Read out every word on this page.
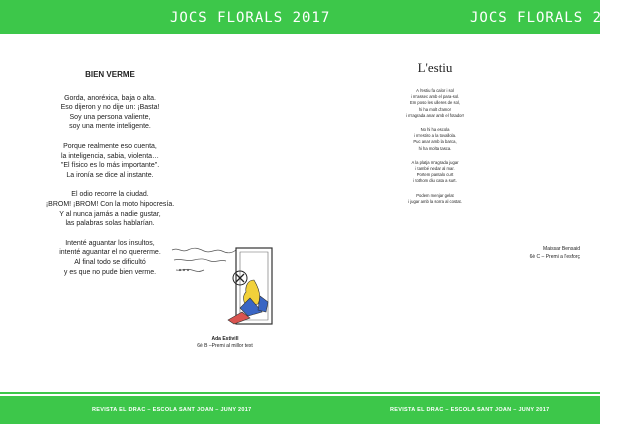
JOCS FLORALS 2017	JOCS FLORALS 2017
BIEN VERME
Gorda, anoréxica, baja o alta.
Eso dijeron y no dije un: ¡Basta!
Soy una persona valiente,
soy una mente inteligente.
Porque realmente eso cuenta,
la inteligencia, sabia, violenta…
"El físico es lo más importante".
La ironía se dice al instante.
El odio recorre la ciudad.
¡BROM! ¡BROM! Con la moto hipocresía.
Y al nunca jamás a nadie gustar,
las palabras solas hablarían.
Intenté aguantar los insultos,
intenté aguantar el no quererme.
Al final todo se dificultó
y es que no pude bien verme.
Ada Estivill
6è B –Premi al millor text
L'estiu
A l'estiu fa calor i sol
i m'assec amb el para-sol.
Em poso les ulleres de sol,
hi ha molt d'amor
i m'agrada anar amb el fotador!
No hi ha escola
i m'estiro a la tovallola.
Puc anar amb la barca,
hi ha molta tasca.
A la platja m'agrada jugar
i també nedar al mar.
Portem pantalo curt
i tothom diu cata a surt.
Podem menjar gelat
i jugar amb la sorra al costat.
Maissar Bensaid
6è C – Premi a l'esforç
REVISTA EL DRAC – ESCOLA SANT JOAN – JUNY 2017	REVISTA EL DRAC – ESCOLA SANT JOAN – JUNY 2017
